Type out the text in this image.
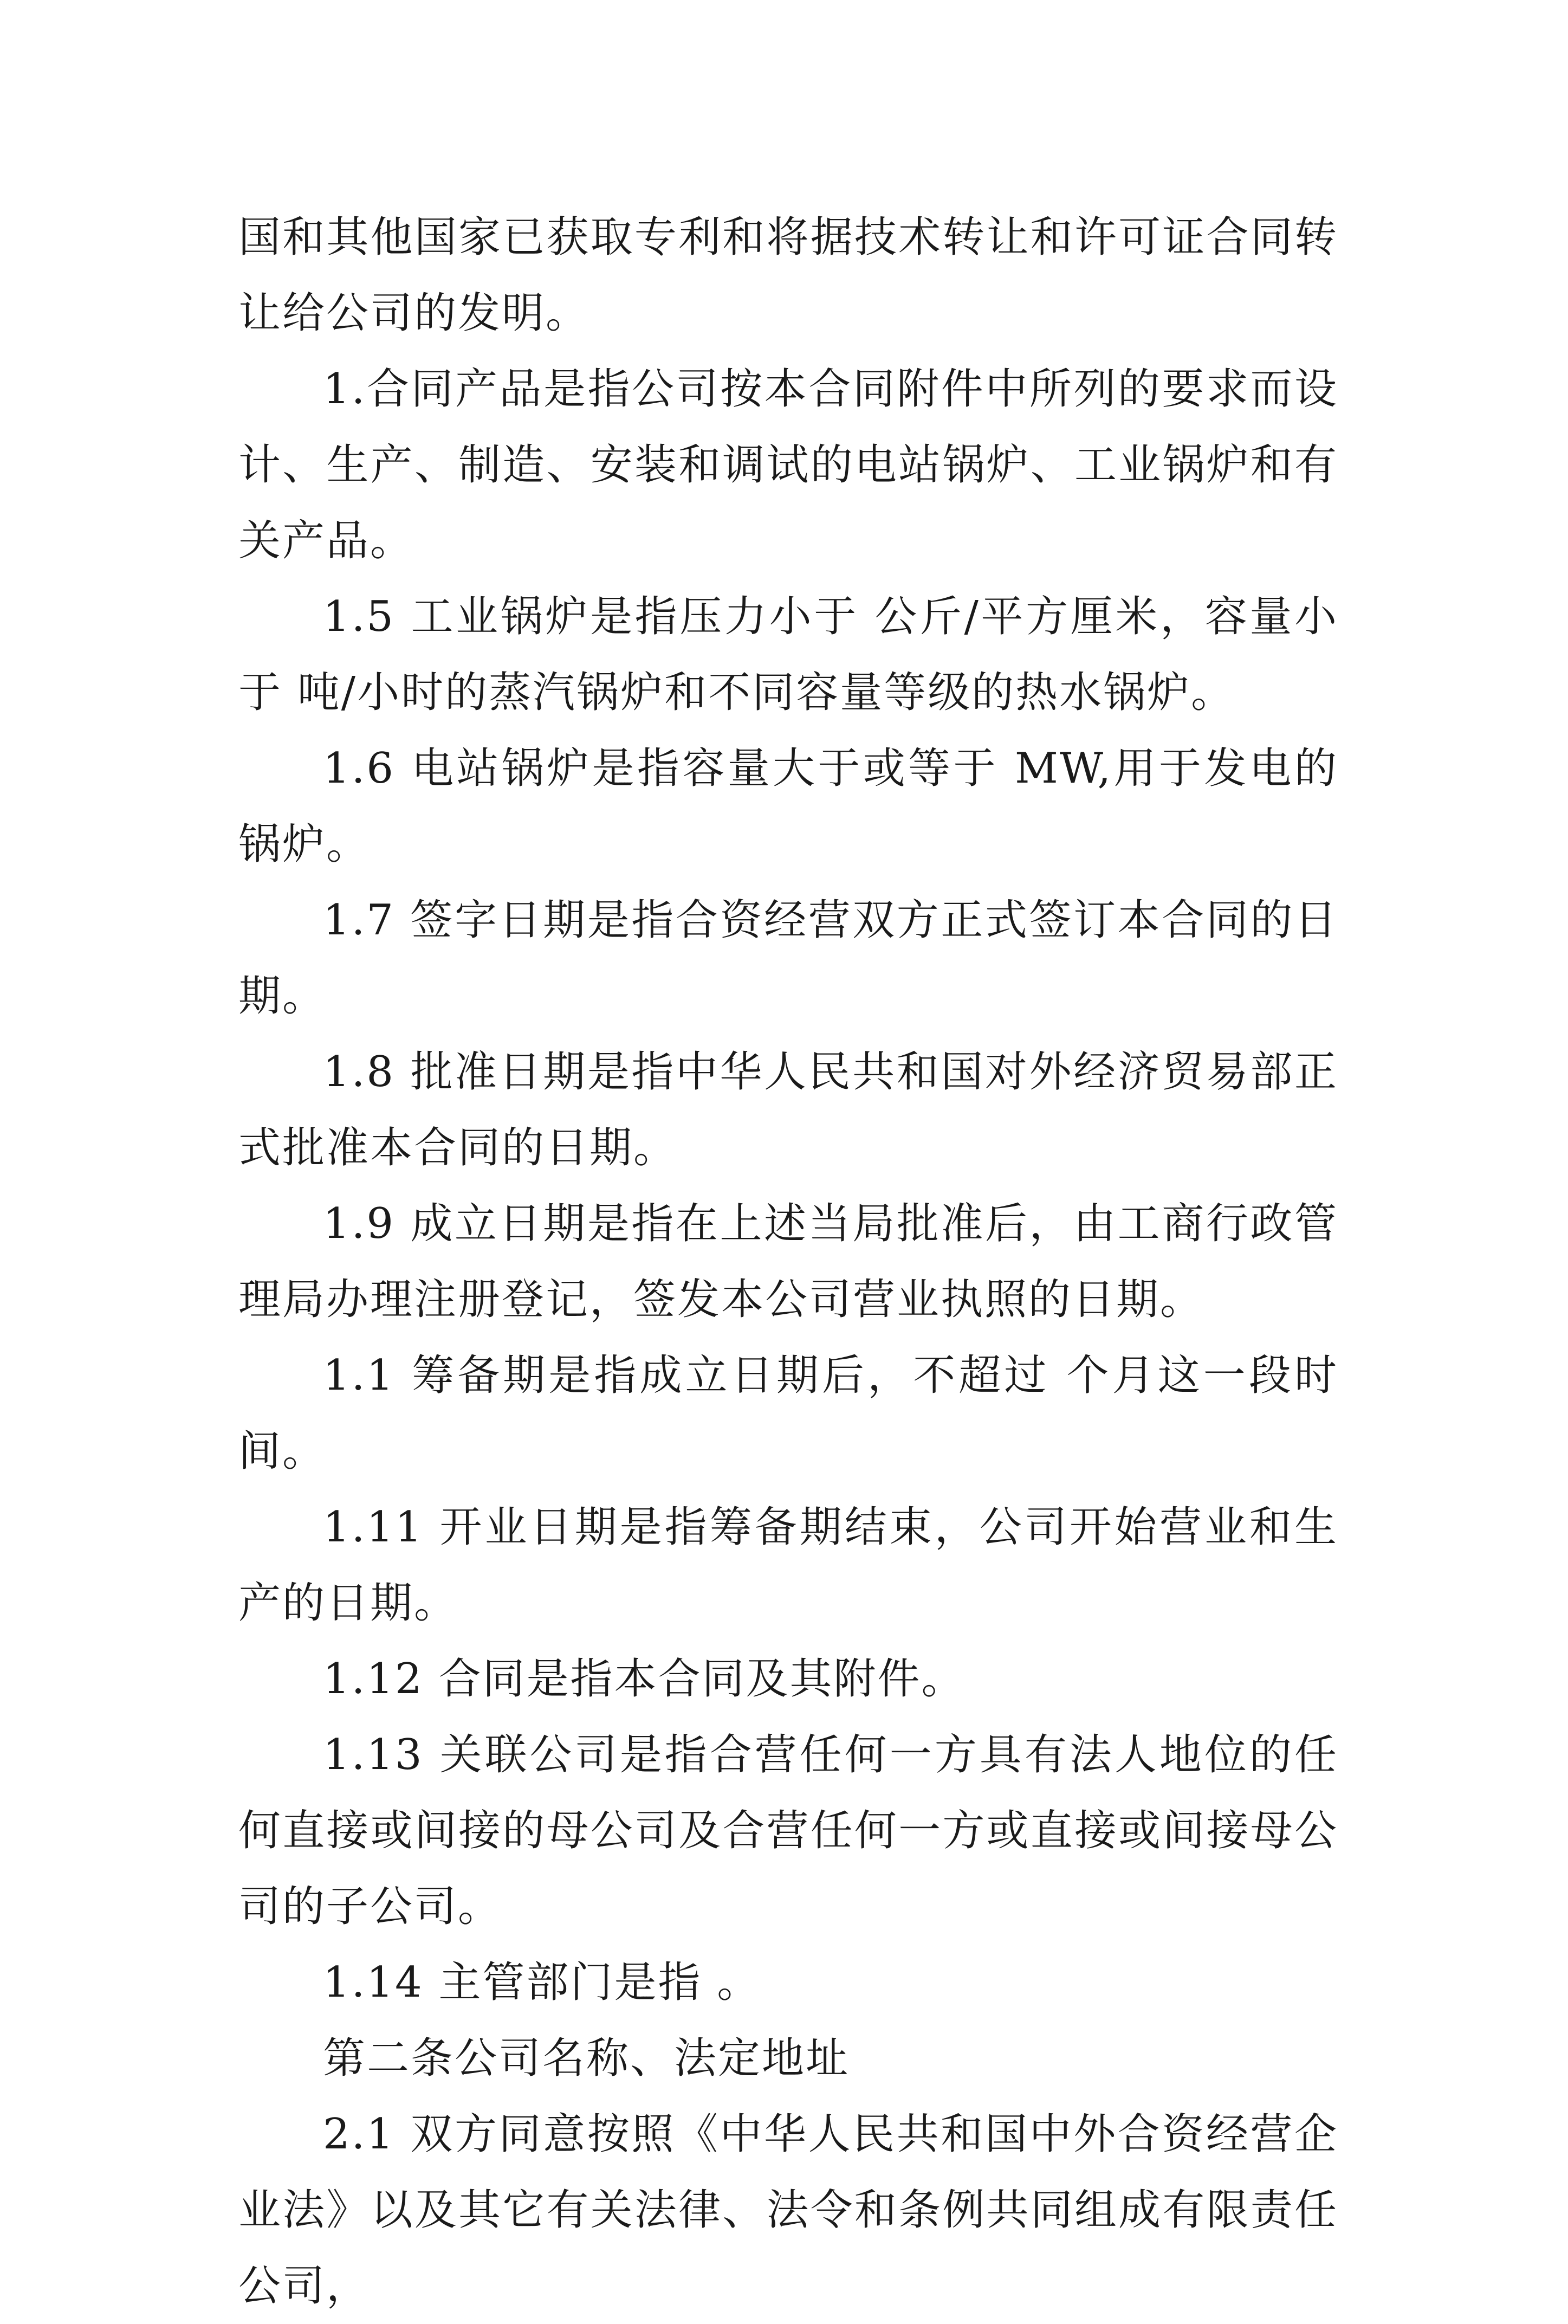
国和其他国家已获取专利和将据技术转让和许可证合同转让给公司的发明。

1.合同产品是指公司按本合同附件中所列的要求而设计、生产、制造、安装和调试的电站锅炉、工业锅炉和有关产品。

1.5 工业锅炉是指压力小于 公斤/平方厘米，容量小于 吨/小时的蒸汽锅炉和不同容量等级的热水锅炉。

1.6 电站锅炉是指容量大于或等于 MW,用于发电的锅炉。

1.7 签字日期是指合资经营双方正式签订本合同的日期。

1.8 批准日期是指中华人民共和国对外经济贸易部正式批准本合同的日期。

1.9 成立日期是指在上述当局批准后，由工商行政管理局办理注册登记，签发本公司营业执照的日期。

1.1 筹备期是指成立日期后，不超过 个月这一段时间。

1.11 开业日期是指筹备期结束，公司开始营业和生产的日期。

1.12 合同是指本合同及其附件。

1.13 关联公司是指合营任何一方具有法人地位的任何直接或间接的母公司及合营任何一方或直接或间接母公司的子公司。

1.14 主管部门是指 。

第二条公司名称、法定地址

2.1 双方同意按照《中华人民共和国中外合资经营企业法》以及其它有关法律、法令和条例共同组成有限责任公司，
